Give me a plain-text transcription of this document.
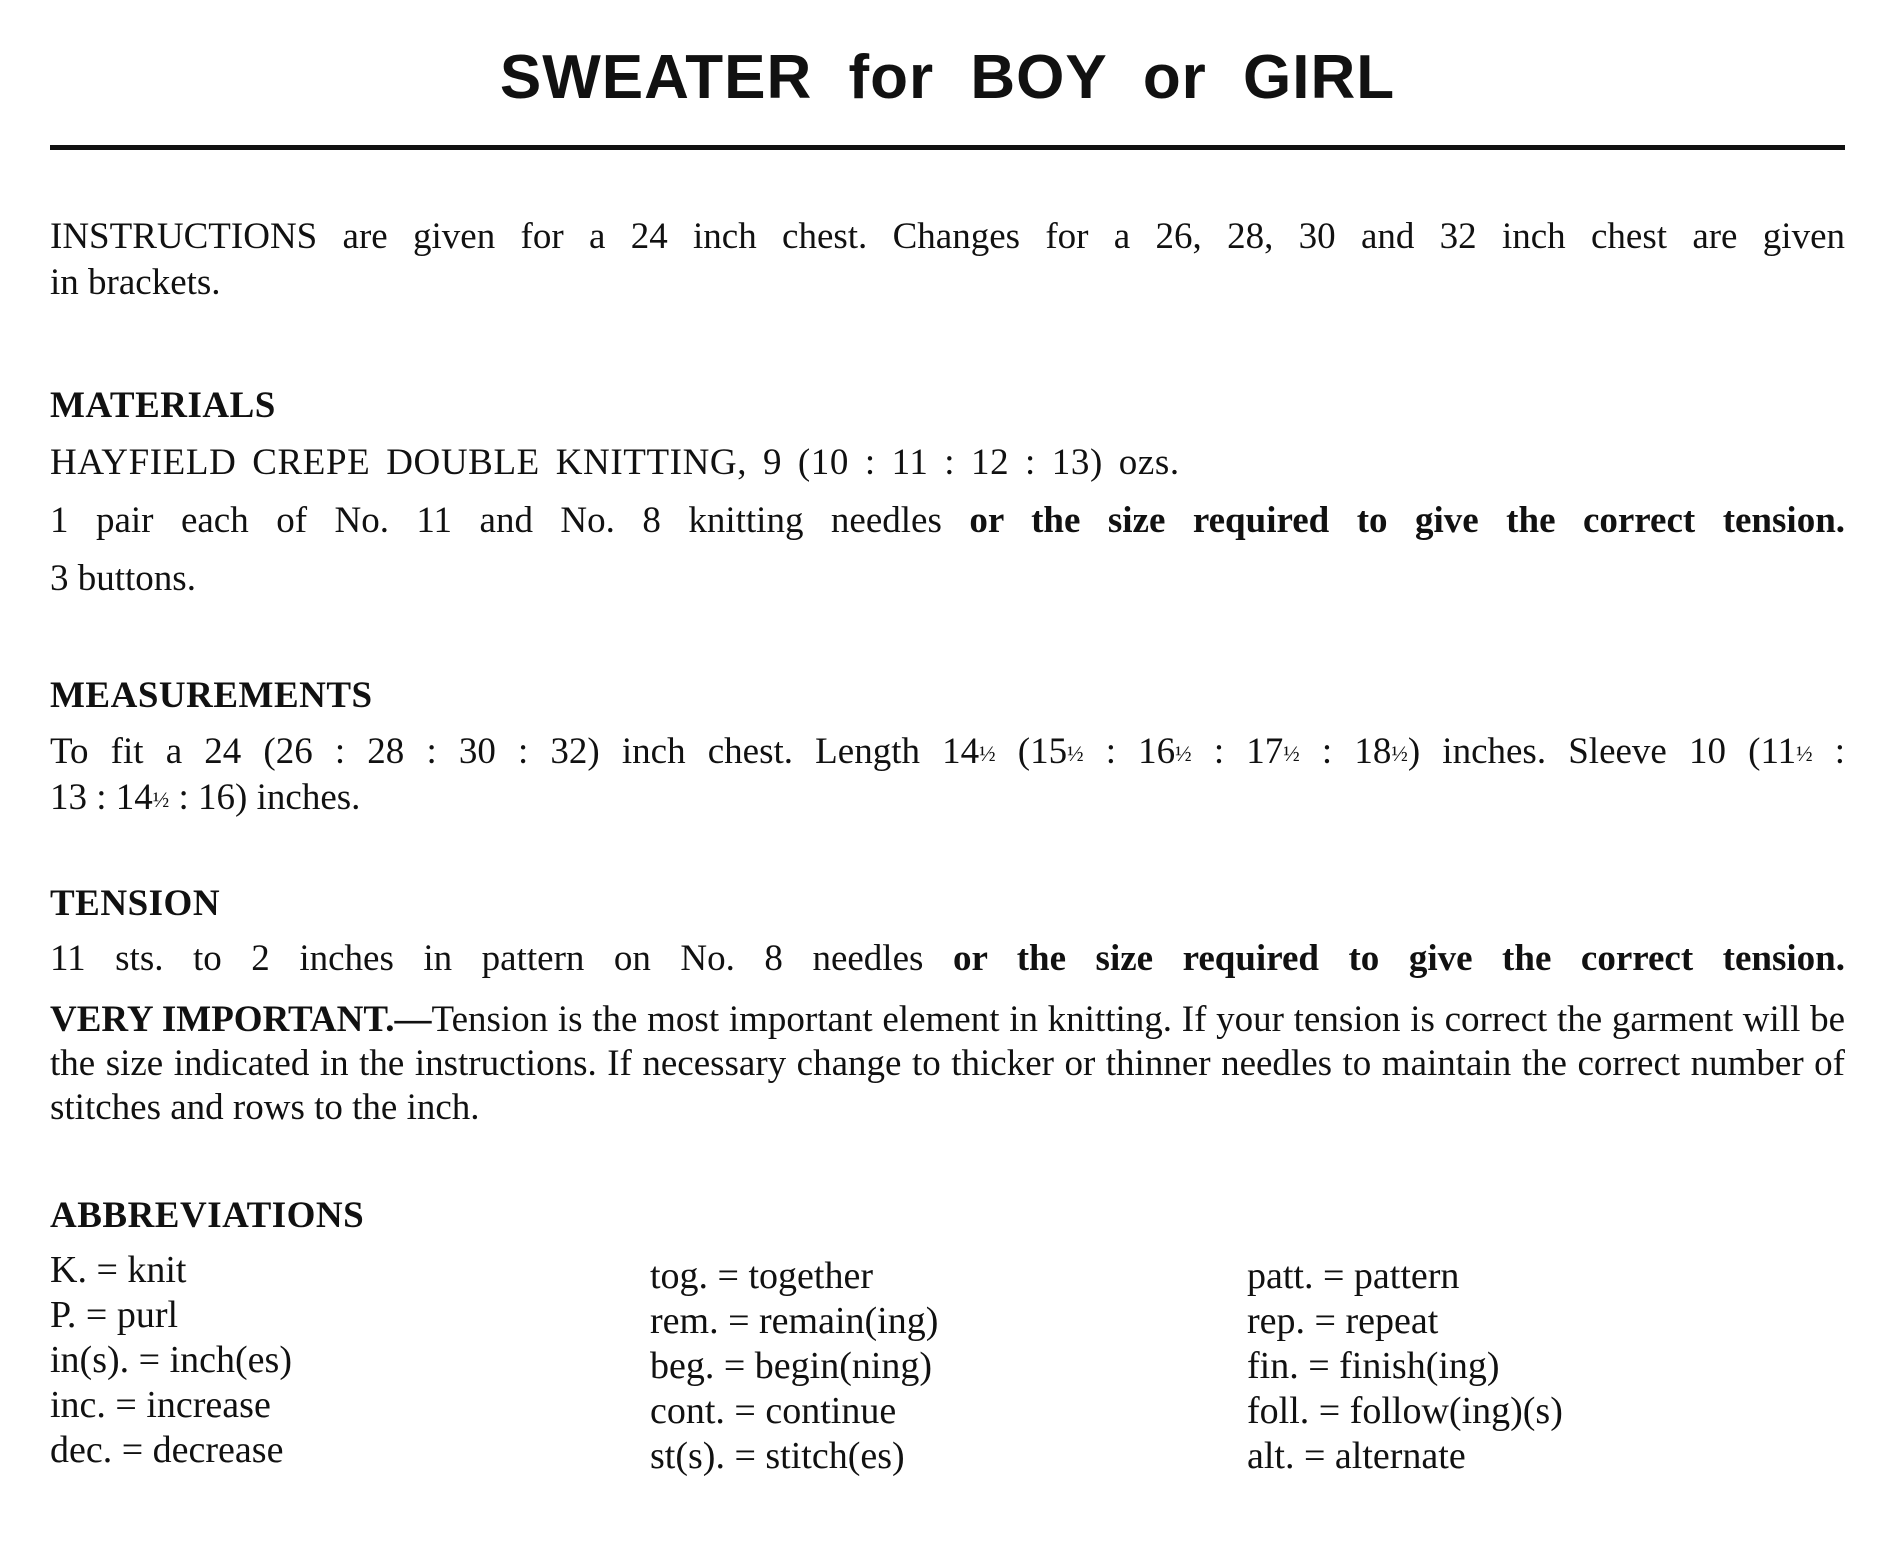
SWEATER for BOY or GIRL
INSTRUCTIONS are given for a 24 inch chest. Changes for a 26, 28, 30 and 32 inch chest are given
in brackets.
MATERIALS
HAYFIELD CREPE DOUBLE KNITTING, 9 (10 : 11 : 12 : 13) ozs.
1 pair each of No. 11 and No. 8 knitting needles or the size required to give the correct tension.
3 buttons.
MEASUREMENTS
To fit a 24 (26 : 28 : 30 : 32) inch chest. Length 14½ (15½ : 16½ : 17½ : 18½) inches. Sleeve 10 (11½ :
13 : 14½ : 16) inches.
TENSION
11 sts. to 2 inches in pattern on No. 8 needles or the size required to give the correct tension.
VERY IMPORTANT.—Tension is the most important element in knitting. If your tension is correct the garment will be the size indicated in the instructions. If necessary change to thicker or thinner needles to maintain the correct number of stitches and rows to the inch.
ABBREVIATIONS
K. = knit
P. = purl
in(s). = inch(es)
inc. = increase
dec. = decrease
tog. = together
rem. = remain(ing)
beg. = begin(ning)
cont. = continue
st(s). = stitch(es)
patt. = pattern
rep. = repeat
fin. = finish(ing)
foll. = follow(ing)(s)
alt. = alternate
